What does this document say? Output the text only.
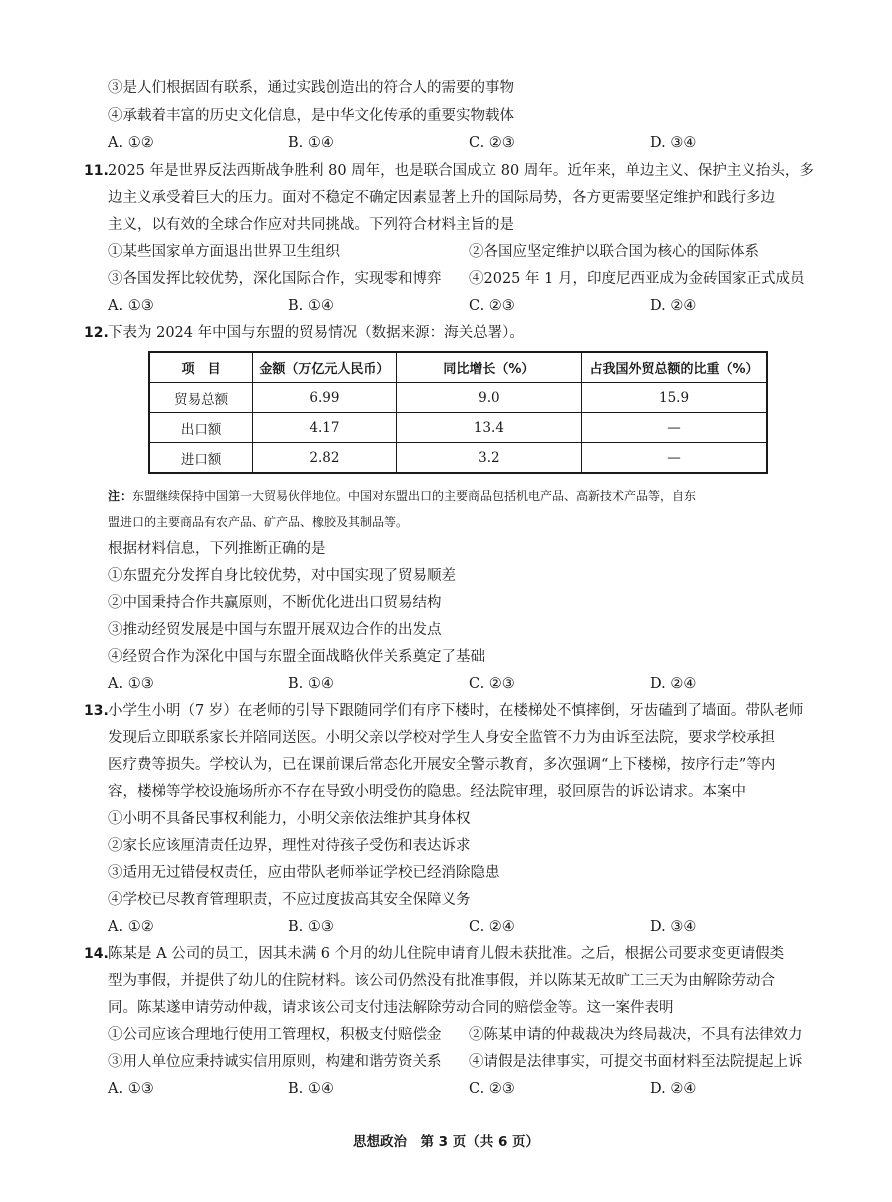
③是人们根据固有联系，通过实践创造出的符合人的需要的事物
④承载着丰富的历史文化信息，是中华文化传承的重要实物载体
A. ①②	B. ①④	C. ②③	D. ③④
11. 2025 年是世界反法西斯战争胜利 80 周年，也是联合国成立 80 周年。近年来，单边主义、保护主义抬头，多
边主义承受着巨大的压力。面对不稳定不确定因素显著上升的国际局势，各方更需要坚定维护和践行多边
主义，以有效的全球合作应对共同挑战。下列符合材料主旨的是
①某些国家单方面退出世界卫生组织	②各国应坚定维护以联合国为核心的国际体系
③各国发挥比较优势，深化国际合作，实现零和博弈 ④2025 年 1 月，印度尼西亚成为金砖国家正式成员
A. ①③	B. ①④	C. ②③	D. ②④
12. 下表为 2024 年中国与东盟的贸易情况（数据来源：海关总署）。
项　目	金额（万亿元人民币）	同比增长（%）	占我国外贸总额的比重（%）
贸易总额	6.99	9.0	15.9
出口额	4.17	13.4	—
进口额	2.82	3.2	—
注：东盟继续保持中国第一大贸易伙伴地位。中国对东盟出口的主要商品包括机电产品、高新技术产品等，自东
盟进口的主要商品有农产品、矿产品、橡胶及其制品等。
根据材料信息，下列推断正确的是
①东盟充分发挥自身比较优势，对中国实现了贸易顺差
②中国秉持合作共赢原则，不断优化进出口贸易结构
③推动经贸发展是中国与东盟开展双边合作的出发点
④经贸合作为深化中国与东盟全面战略伙伴关系奠定了基础
A. ①③	B. ①④	C. ②③	D. ②④
13. 小学生小明（7 岁）在老师的引导下跟随同学们有序下楼时，在楼梯处不慎摔倒，牙齿磕到了墙面。带队老师
发现后立即联系家长并陪同送医。小明父亲以学校对学生人身安全监管不力为由诉至法院，要求学校承担
医疗费等损失。学校认为，已在课前课后常态化开展安全警示教育，多次强调“上下楼梯，按序行走”等内
容，楼梯等学校设施场所亦不存在导致小明受伤的隐患。经法院审理，驳回原告的诉讼请求。本案中
①小明不具备民事权利能力，小明父亲依法维护其身体权
②家长应该厘清责任边界，理性对待孩子受伤和表达诉求
③适用无过错侵权责任，应由带队老师举证学校已经消除隐患
④学校已尽教育管理职责，不应过度拔高其安全保障义务
A. ①②	B. ①③	C. ②④	D. ③④
14. 陈某是 A 公司的员工，因其未满 6 个月的幼儿住院申请育儿假未获批准。之后，根据公司要求变更请假类
型为事假，并提供了幼儿的住院材料。该公司仍然没有批准事假，并以陈某无故旷工三天为由解除劳动合
同。陈某遂申请劳动仲裁，请求该公司支付违法解除劳动合同的赔偿金等。这一案件表明
①公司应该合理地行使用工管理权，积极支付赔偿金 ②陈某申请的仲裁裁决为终局裁决，不具有法律效力
③用人单位应秉持诚实信用原则，构建和谐劳资关系 ④请假是法律事实，可提交书面材料至法院提起上诉
A. ①③	B. ①④	C. ②③	D. ②④
思想政治　第 3 页（共 6 页）
